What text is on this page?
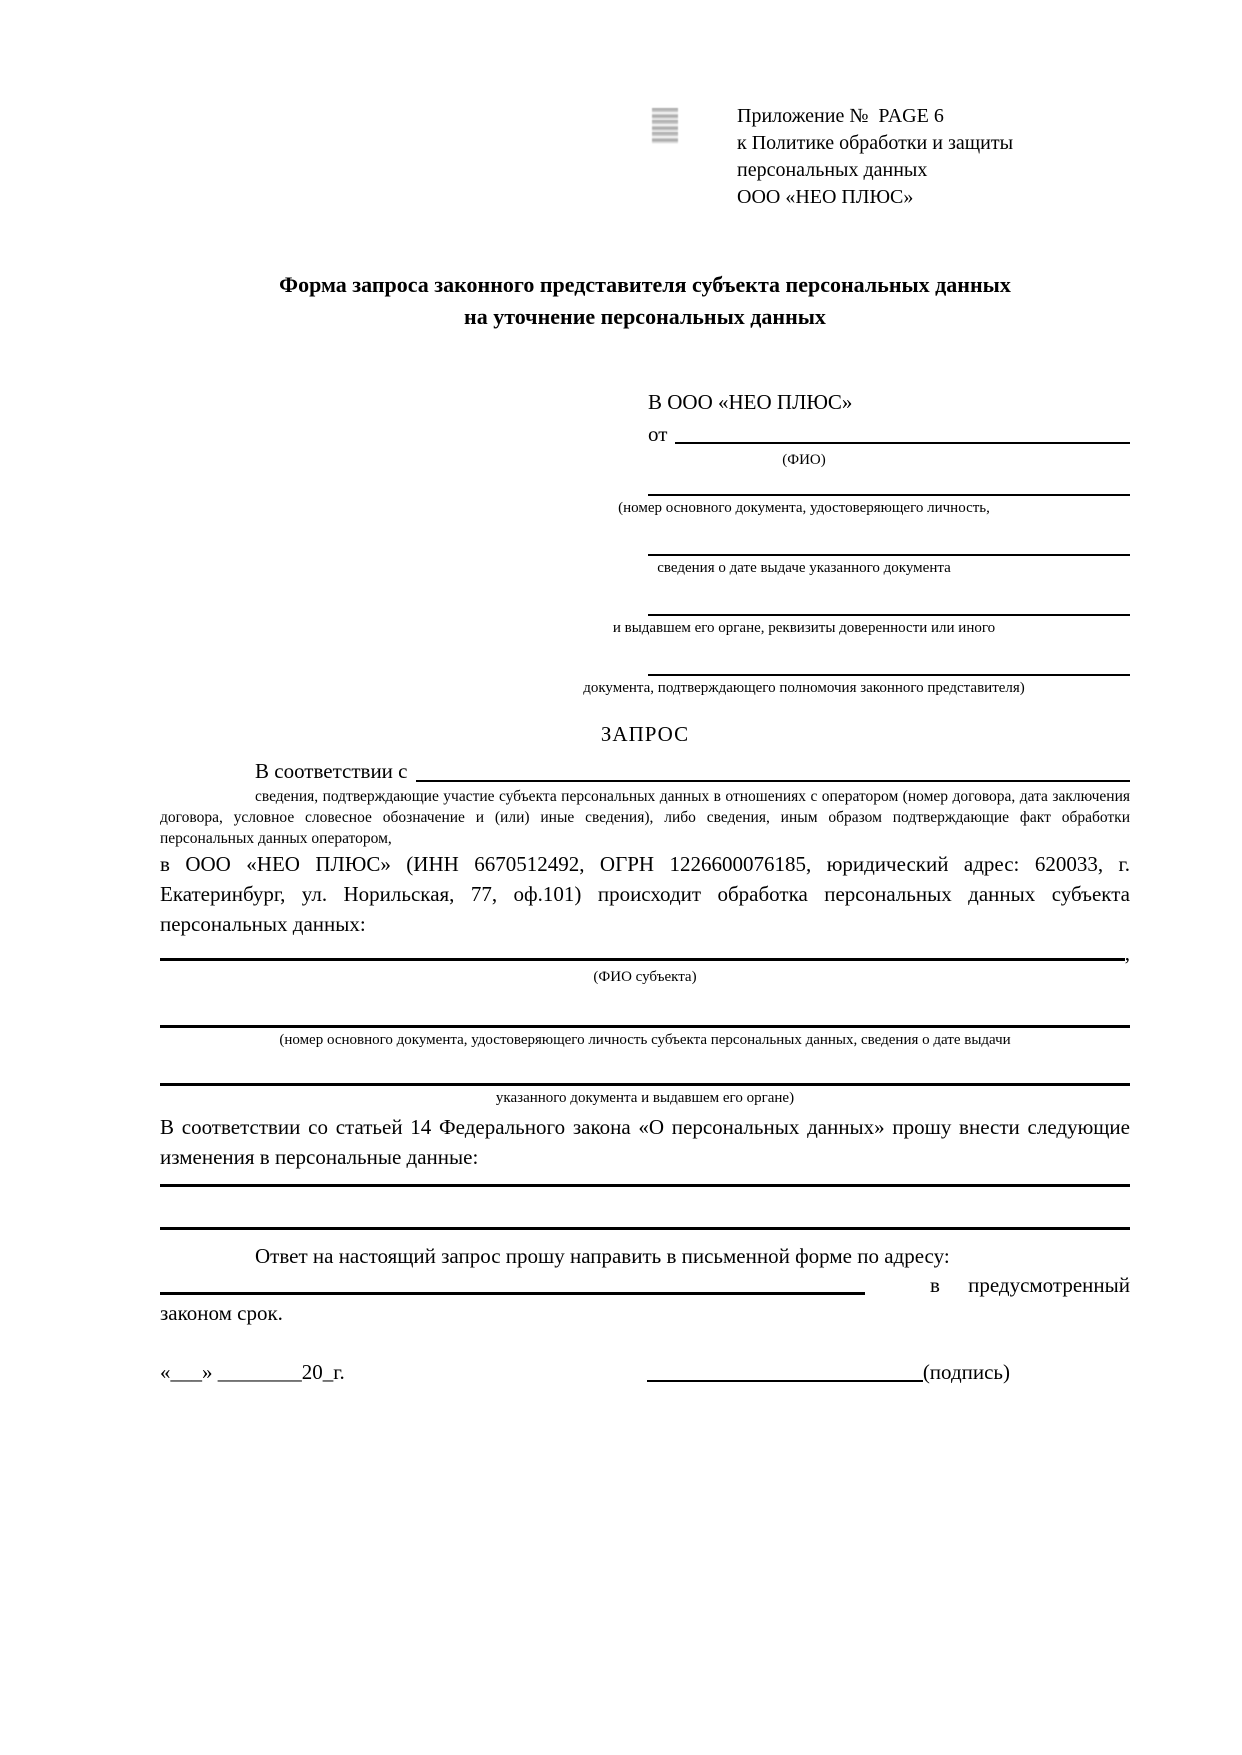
Приложение №  PAGE 6
к Политике обработки и защиты
персональных данных
ООО «НЕО ПЛЮС»
Форма запроса законного представителя субъекта персональных данных
на уточнение персональных данных
В ООО «НЕО ПЛЮС»
от
(ФИО)
(номер основного документа, удостоверяющего личность,
сведения о дате выдаче указанного документа
и выдавшем его органе, реквизиты доверенности или иного
документа, подтверждающего полномочия законного представителя)
ЗАПРОС
В соответствии с

сведения, подтверждающие участие субъекта персональных данных в отношениях с оператором (номер договора, дата заключения договора, условное словесное обозначение и (или) иные сведения), либо сведения, иным образом подтверждающие факт обработки персональных данных оператором,

в ООО «НЕО ПЛЮС» (ИНН 6670512492, ОГРН 1226600076185, юридический адрес: 620033, г. Екатеринбург, ул. Норильская, 77, оф.101) происходит обработка персональных данных субъекта персональных данных:

,
(ФИО субъекта)
(номер основного документа, удостоверяющего личность субъекта персональных данных, сведения о дате выдачи
указанного документа и выдавшем его органе)

В соответствии со статьей 14 Федерального закона «О персональных данных» прошу внести следующие изменения в персональные данные:

Ответ на настоящий запрос прошу направить в письменной форме по адресу:

в предусмотренный

законом срок.

«___» ________20_г.	(подпись)
